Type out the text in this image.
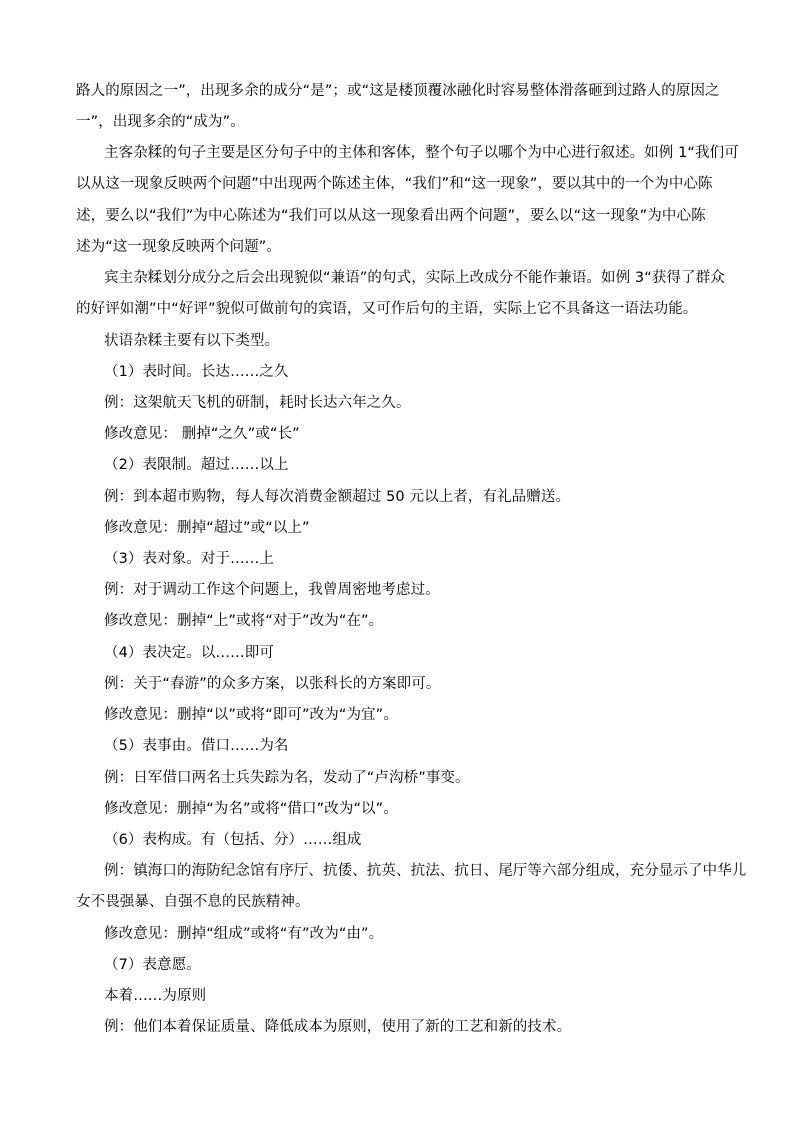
路人的原因之一”，出现多余的成分“是”；或“这是楼顶覆冰融化时容易整体滑落砸到过路人的原因之
一”，出现多余的“成为”。
主客杂糅的句子主要是区分句子中的主体和客体，整个句子以哪个为中心进行叙述。如例 1“我们可
以从这一现象反映两个问题”中出现两个陈述主体，“我们”和“这一现象”，要以其中的一个为中心陈
述，要么以“我们”为中心陈述为“我们可以从这一现象看出两个问题”，要么以“这一现象”为中心陈
述为“这一现象反映两个问题”。
宾主杂糅划分成分之后会出现貌似“兼语”的句式，实际上改成分不能作兼语。如例 3“获得了群众
的好评如潮”中“好评”貌似可做前句的宾语，又可作后句的主语，实际上它不具备这一语法功能。
状语杂糅主要有以下类型。
（1）表时间。长达……之久
例：这架航天飞机的研制，耗时长达六年之久。
修改意见： 删掉“之久”或“长”
（2）表限制。超过……以上
例：到本超市购物，每人每次消费金额超过 50 元以上者，有礼品赠送。
修改意见：删掉“超过”或“以上”
（3）表对象。对于……上
例：对于调动工作这个问题上，我曾周密地考虑过。
修改意见：删掉“上”或将“对于”改为“在”。
（4）表决定。以……即可
例：关于“春游”的众多方案，以张科长的方案即可。
修改意见：删掉“以”或将“即可”改为“为宜”。
（5）表事由。借口……为名
例：日军借口两名士兵失踪为名，发动了“卢沟桥”事变。
修改意见：删掉“为名”或将“借口”改为“以”。
（6）表构成。有（包括、分）……组成
例：镇海口的海防纪念馆有序厅、抗倭、抗英、抗法、抗日、尾厅等六部分组成，充分显示了中华儿
女不畏强暴、自强不息的民族精神。
修改意见：删掉“组成”或将“有”改为“由”。
（7）表意愿。
本着……为原则
例：他们本着保证质量、降低成本为原则，使用了新的工艺和新的技术。
